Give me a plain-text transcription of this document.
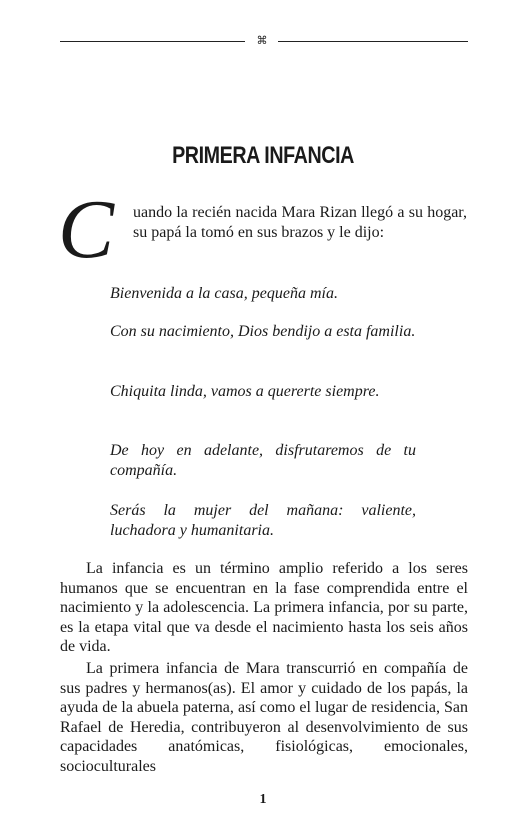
⌘
PRIMERA INFANCIA
C uando la recién nacida Mara Rizan llegó a su hogar, su papá la tomó en sus brazos y le dijo:
Bienvenida a la casa, pequeña mía.
Con su nacimiento, Dios bendijo a esta familia.
Chiquita linda, vamos a quererte siempre.
De hoy en adelante, disfrutaremos de tu compañía.
Serás la mujer del mañana: valiente, luchadora y humanitaria.

La infancia es un término amplio referido a los seres humanos que se encuentran en la fase comprendida entre el nacimiento y la adolescencia. La primera infancia, por su parte, es la etapa vital que va desde el nacimiento hasta los seis años de vida.

La primera infancia de Mara transcurrió en compañía de sus padres y hermanos(as). El amor y cuidado de los papás, la ayuda de la abuela paterna, así como el lugar de residencia, San Rafael de Heredia, contribuyeron al desenvolvimiento de sus capacidades anatómicas, fisiológicas, emocionales, socioculturales

1
